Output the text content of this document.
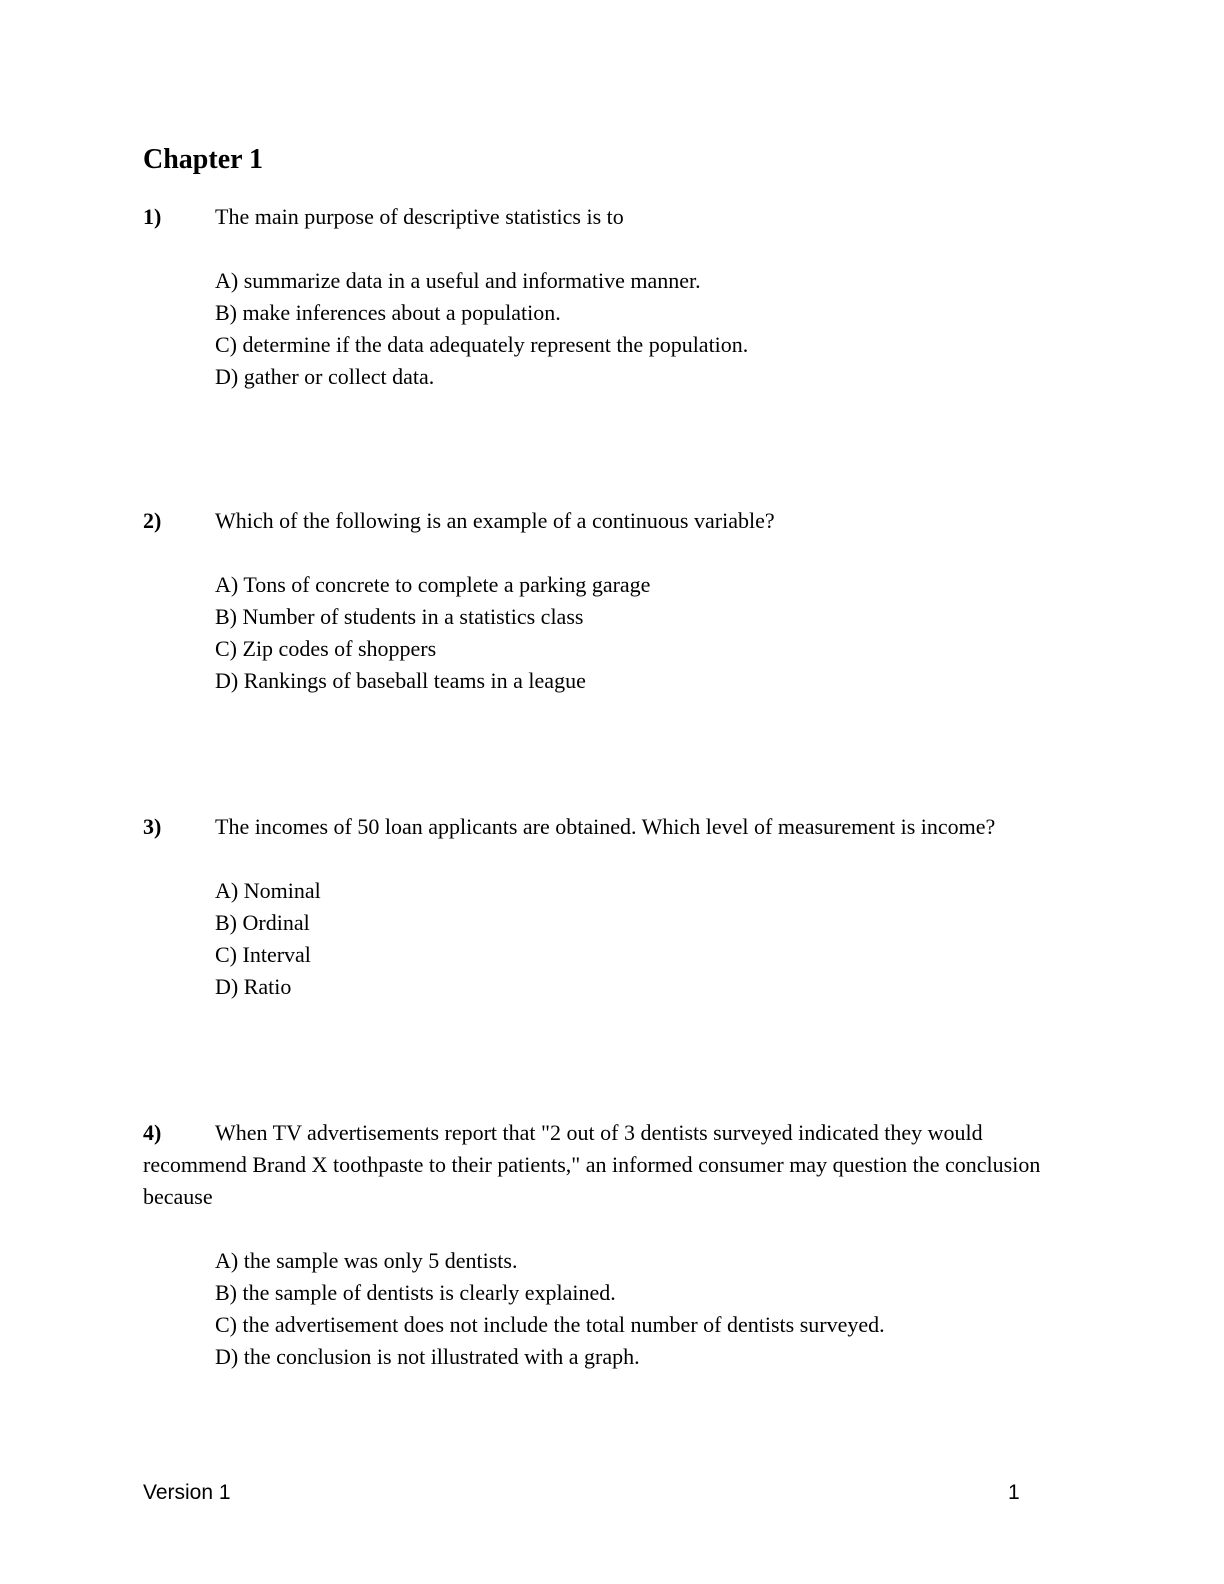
Chapter 1

1) The main purpose of descriptive statistics is to

A) summarize data in a useful and informative manner.

B) make inferences about a population.

C) determine if the data adequately represent the population.

D) gather or collect data.

2) Which of the following is an example of a continuous variable?

A) Tons of concrete to complete a parking garage

B) Number of students in a statistics class

C) Zip codes of shoppers

D) Rankings of baseball teams in a league

3) The incomes of 50 loan applicants are obtained. Which level of measurement is income?

A) Nominal

B) Ordinal

C) Interval

D) Ratio

4) When TV advertisements report that "2 out of 3 dentists surveyed indicated they would recommend Brand X toothpaste to their patients," an informed consumer may question the conclusion because

A) the sample was only 5 dentists.

B) the sample of dentists is clearly explained.

C) the advertisement does not include the total number of dentists surveyed.

D) the conclusion is not illustrated with a graph.

Version 1	1
